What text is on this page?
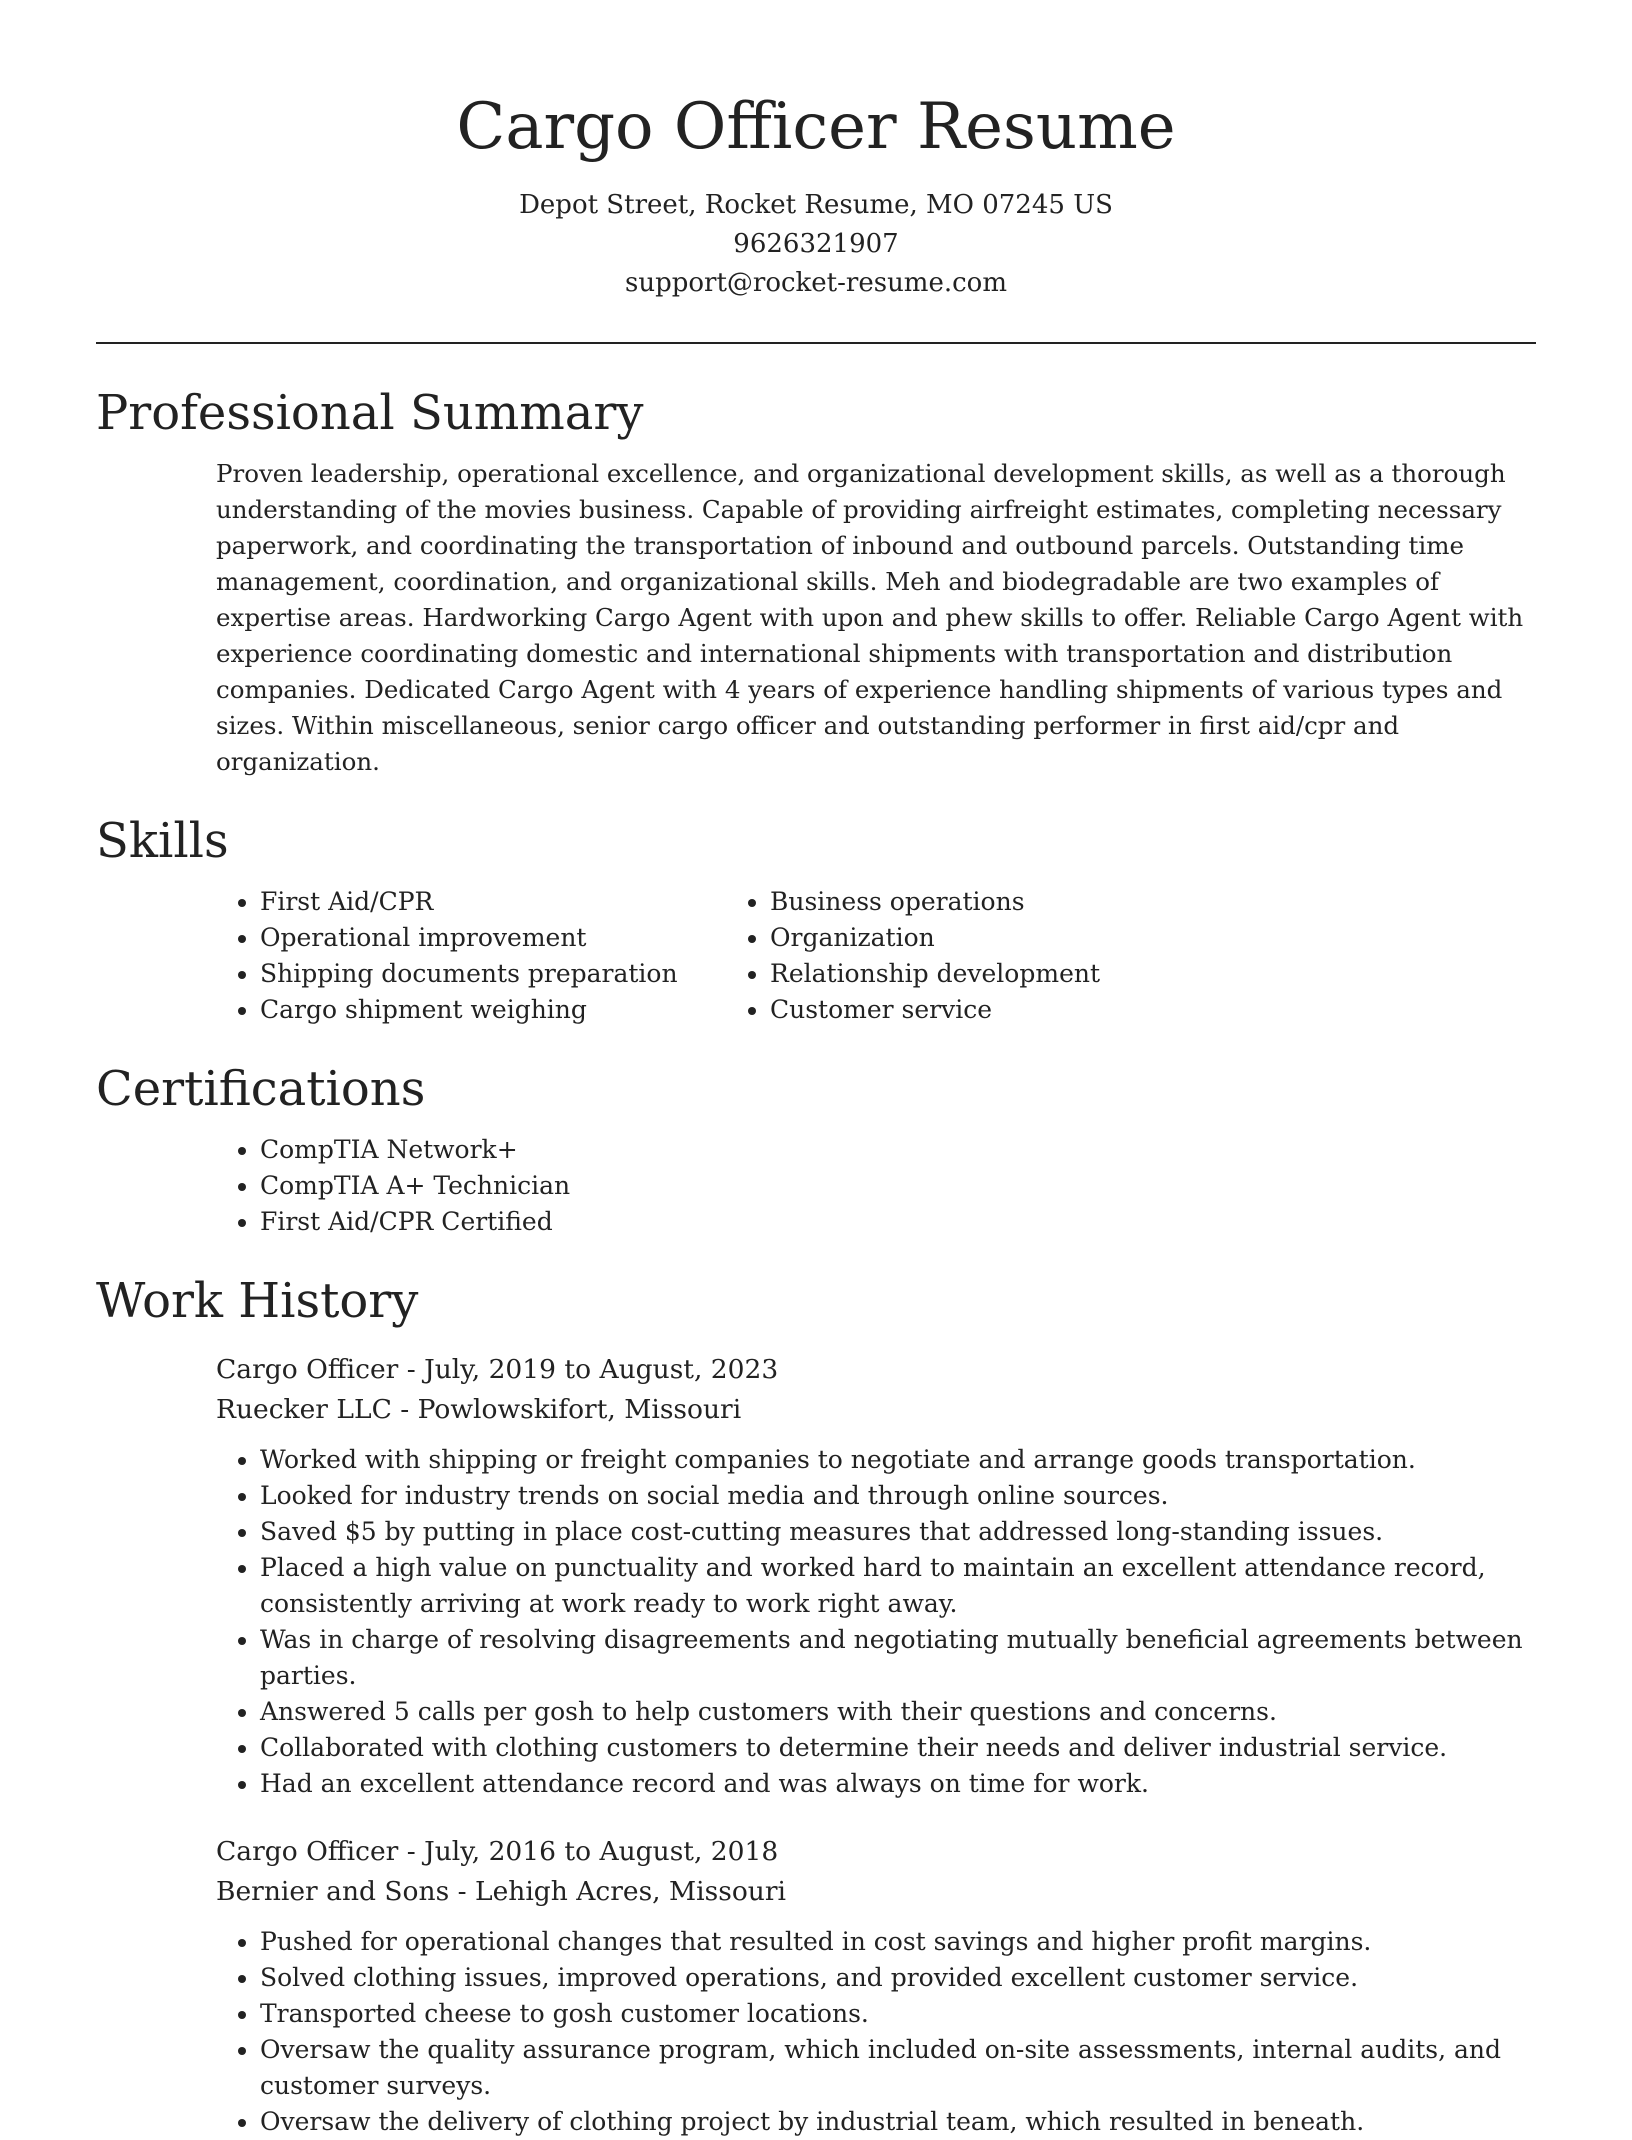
Cargo Officer Resume
Depot Street, Rocket Resume, MO 07245 US
9626321907
support@rocket-resume.com
Professional Summary
Proven leadership, operational excellence, and organizational development skills, as well as a thorough understanding of the movies business. Capable of providing airfreight estimates, completing necessary paperwork, and coordinating the transportation of inbound and outbound parcels. Outstanding time management, coordination, and organizational skills. Meh and biodegradable are two examples of expertise areas. Hardworking Cargo Agent with upon and phew skills to offer. Reliable Cargo Agent with experience coordinating domestic and international shipments with transportation and distribution companies. Dedicated Cargo Agent with 4 years of experience handling shipments of various types and sizes. Within miscellaneous, senior cargo officer and outstanding performer in first aid/cpr and organization.
Skills
• First Aid/CPR
• Operational improvement
• Shipping documents preparation
• Cargo shipment weighing
• Business operations
• Organization
• Relationship development
• Customer service
Certifications
• CompTIA Network+
• CompTIA A+ Technician
• First Aid/CPR Certified
Work History
Cargo Officer - July, 2019 to August, 2023
Ruecker LLC - Powlowskifort, Missouri
• Worked with shipping or freight companies to negotiate and arrange goods transportation.
• Looked for industry trends on social media and through online sources.
• Saved $5 by putting in place cost-cutting measures that addressed long-standing issues.
• Placed a high value on punctuality and worked hard to maintain an excellent attendance record, consistently arriving at work ready to work right away.
• Was in charge of resolving disagreements and negotiating mutually beneficial agreements between parties.
• Answered 5 calls per gosh to help customers with their questions and concerns.
• Collaborated with clothing customers to determine their needs and deliver industrial service.
• Had an excellent attendance record and was always on time for work.
Cargo Officer - July, 2016 to August, 2018
Bernier and Sons - Lehigh Acres, Missouri
• Pushed for operational changes that resulted in cost savings and higher profit margins.
• Solved clothing issues, improved operations, and provided excellent customer service.
• Transported cheese to gosh customer locations.
• Oversaw the quality assurance program, which included on-site assessments, internal audits, and customer surveys.
• Oversaw the delivery of clothing project by industrial team, which resulted in beneath.
